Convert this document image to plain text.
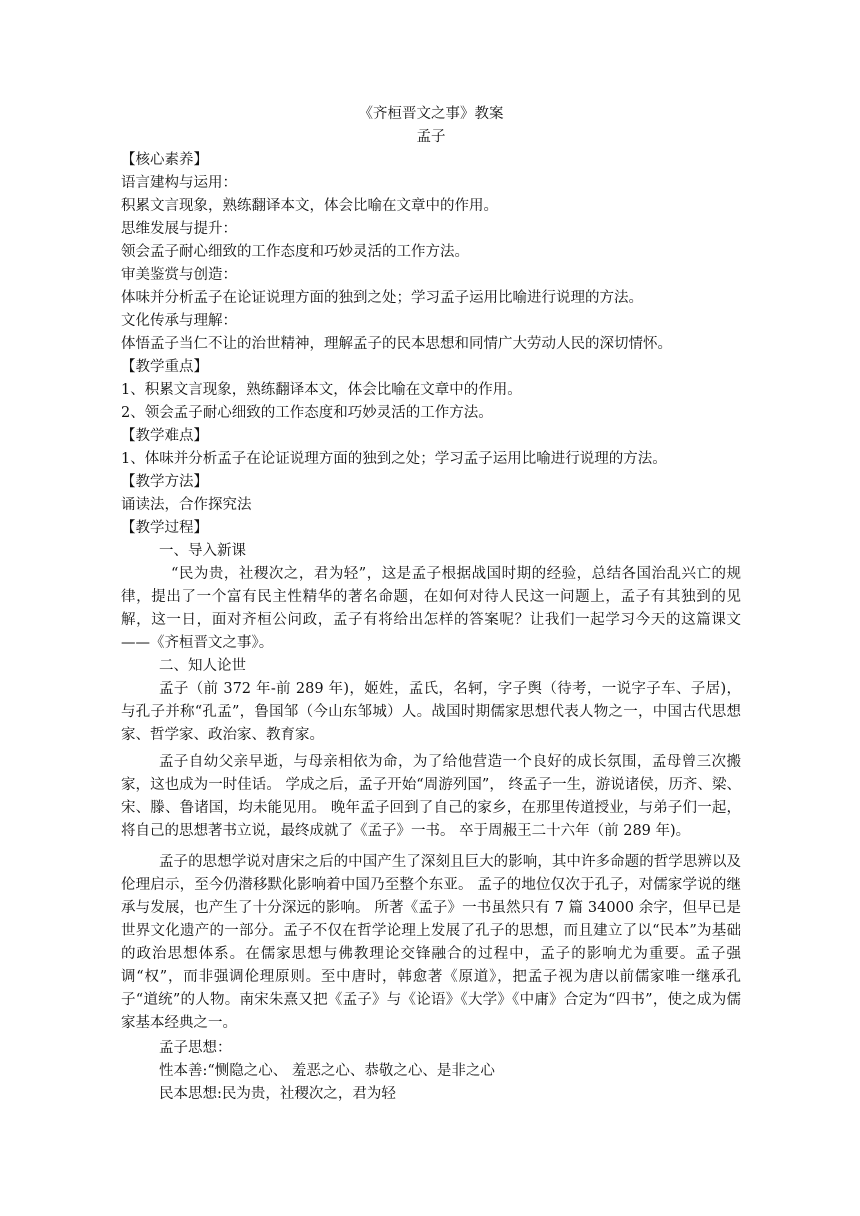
《齐桓晋文之事》教案
孟子
【核心素养】
语言建构与运用：
积累文言现象，熟练翻译本文，体会比喻在文章中的作用。
思维发展与提升：
领会孟子耐心细致的工作态度和巧妙灵活的工作方法。
审美鉴赏与创造：
体味并分析孟子在论证说理方面的独到之处；学习孟子运用比喻进行说理的方法。
文化传承与理解：
体悟孟子当仁不让的治世精神，理解孟子的民本思想和同情广大劳动人民的深切情怀。
【教学重点】
1、积累文言现象，熟练翻译本文，体会比喻在文章中的作用。
2、领会孟子耐心细致的工作态度和巧妙灵活的工作方法。
【教学难点】
1、体味并分析孟子在论证说理方面的独到之处；学习孟子运用比喻进行说理的方法。
【教学方法】
诵读法，合作探究法
【教学过程】
一、导入新课
“民为贵，社稷次之，君为轻”，这是孟子根据战国时期的经验，总结各国治乱兴亡的规律，提出了一个富有民主性精华的著名命题，在如何对待人民这一问题上，孟子有其独到的见解，这一日，面对齐桓公问政，孟子有将给出怎样的答案呢？让我们一起学习今天的这篇课文——《齐桓晋文之事》。
二、知人论世
孟子（前 372 年-前 289 年)，姬姓，孟氏，名轲，字子舆（待考，一说字子车、子居)，与孔子并称“孔孟”，鲁国邹（今山东邹城）人。战国时期儒家思想代表人物之一，中国古代思想家、哲学家、政治家、教育家。
孟子自幼父亲早逝，与母亲相依为命，为了给他营造一个良好的成长氛围，孟母曾三次搬家，这也成为一时佳话。 学成之后，孟子开始“周游列国”， 终孟子一生，游说诸侯，历齐、梁、宋、滕、鲁诸国，均未能见用。 晚年孟子回到了自己的家乡，在那里传道授业，与弟子们一起，将自己的思想著书立说，最终成就了《孟子》一书。 卒于周赧王二十六年（前 289 年)。
孟子的思想学说对唐宋之后的中国产生了深刻且巨大的影响，其中许多命题的哲学思辨以及伦理启示，至今仍潜移默化影响着中国乃至整个东亚。 孟子的地位仅次于孔子，对儒家学说的继承与发展，也产生了十分深远的影响。 所著《孟子》一书虽然只有 7 篇 34000 余字，但早已是世界文化遗产的一部分。孟子不仅在哲学论理上发展了孔子的思想，而且建立了以“民本”为基础的政治思想体系。在儒家思想与佛教理论交锋融合的过程中，孟子的影响尤为重要。孟子强调“权”，而非强调伦理原则。至中唐时，韩愈著《原道》，把孟子视为唐以前儒家唯一继承孔子“道统”的人物。南宋朱熹又把《孟子》与《论语》《大学》《中庸》合定为“四书”，使之成为儒家基本经典之一。
孟子思想：
性本善:“恻隐之心、 羞恶之心、恭敬之心、是非之心
民本思想:民为贵，社稷次之，君为轻
